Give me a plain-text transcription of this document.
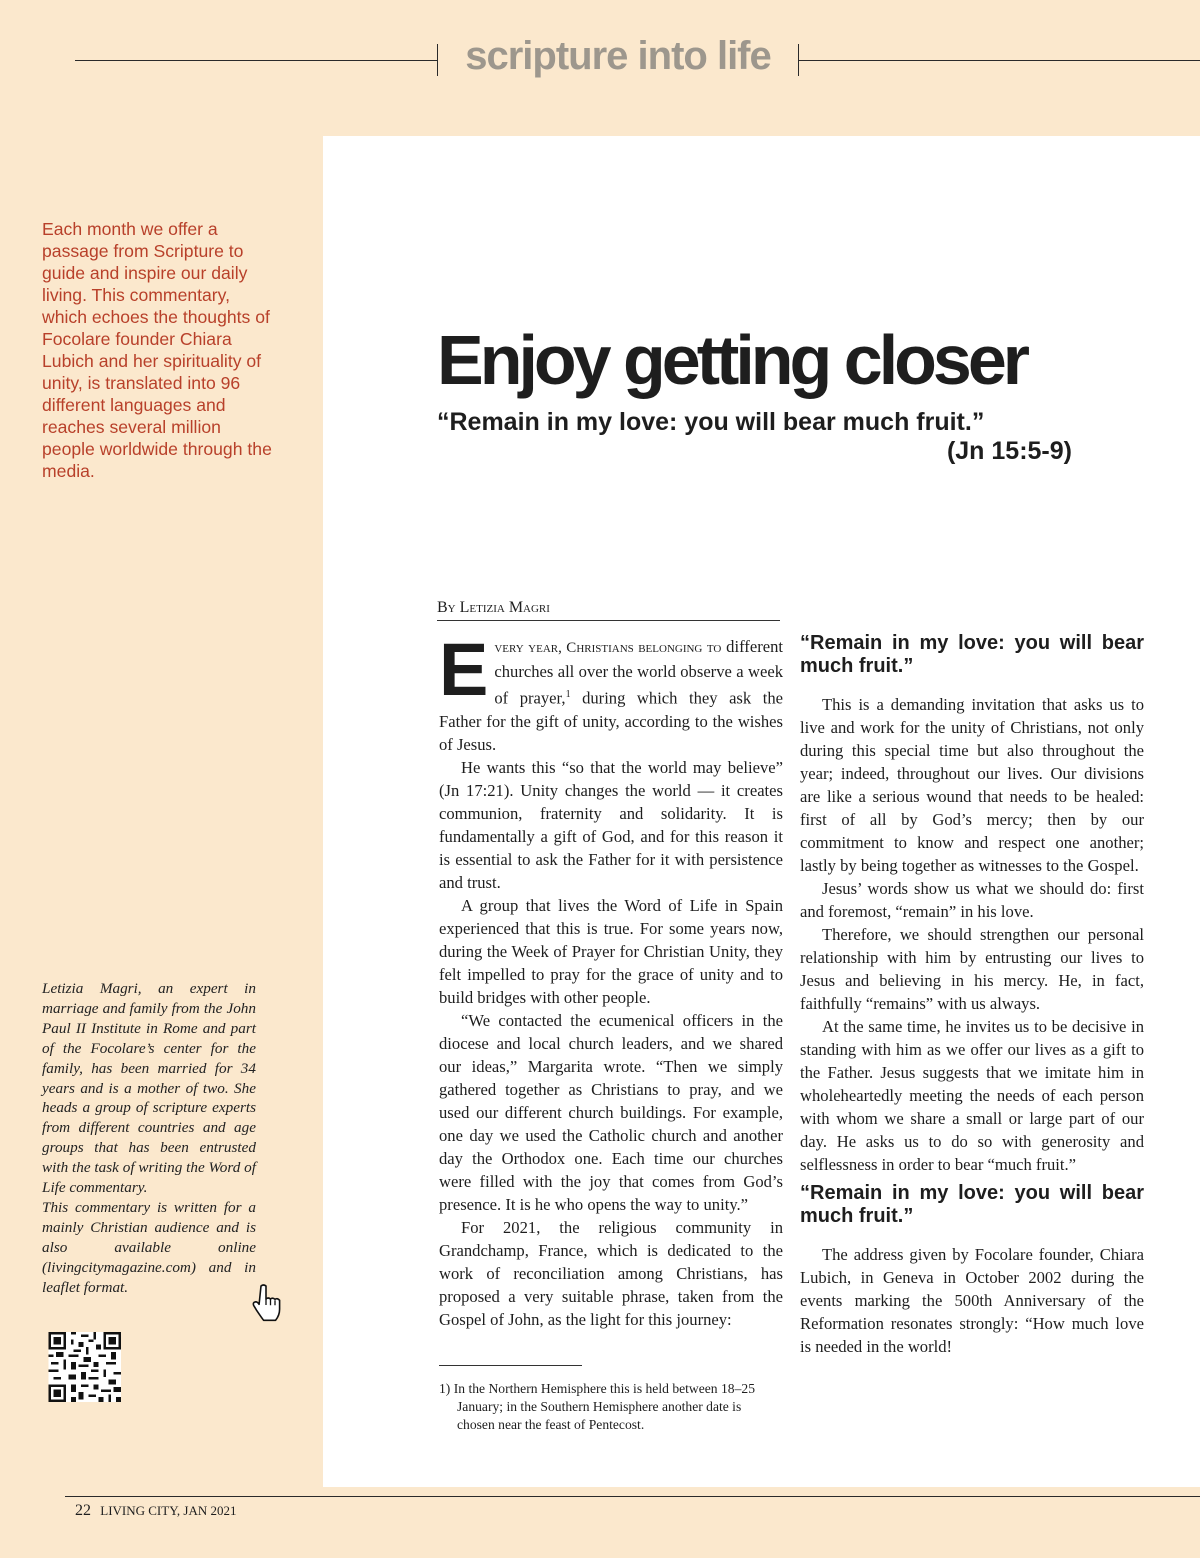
scripture into life
Each month we offer a passage from Scripture to guide and inspire our daily living. This commentary, which echoes the thoughts of Focolare founder Chiara Lubich and her spirituality of unity, is translated into 96 different languages and reaches several million people worldwide through the media.

Letizia Magri, an expert in marriage and family from the John Paul II Institute in Rome and part of the Focolare’s center for the family, has been married for 34 years and is a mother of two. She heads a group of scripture experts from different countries and age groups that has been entrusted with the task of writing the Word of Life commentary.

This commentary is written for a mainly Christian audience and is also available online (livingcitymagazine.com) and in leaflet format.

Enjoy getting closer
“Remain in my love: you will bear much fruit.”
(Jn 15:5-9)
By Letizia Magri

Every year, Christians belonging to different churches all over the world observe a week of prayer,$^1$ during which they ask the Father for the gift of unity, according to the wishes of Jesus.

He wants this “so that the world may believe” (Jn 17:21). Unity changes the world — it creates communion, fraternity and solidarity. It is fundamentally a gift of God, and for this reason it is essential to ask the Father for it with persistence and trust.

A group that lives the Word of Life in Spain experienced that this is true. For some years now, during the Week of Prayer for Christian Unity, they felt impelled to pray for the grace of unity and to build bridges with other people.

“We contacted the ecumenical officers in the diocese and local church leaders, and we shared our ideas,” Margarita wrote. “Then we simply gathered together as Christians to pray, and we used our different church buildings. For example, one day we used the Catholic church and another day the Orthodox one. Each time our churches were filled with the joy that comes from God’s presence. It is he who opens the way to unity.”

For 2021, the religious community in Grandchamp, France, which is dedicated to the work of reconciliation among Christians, has proposed a very suitable phrase, taken from the Gospel of John, as the light for this journey:

1) In the Northern Hemisphere this is held between 18–25 January; in the Southern Hemisphere another date is chosen near the feast of Pentecost.
“Remain in my love: you will bear much fruit.”

This is a demanding invitation that asks us to live and work for the unity of Christians, not only during this special time but also throughout the year; indeed, throughout our lives. Our divisions are like a serious wound that needs to be healed: first of all by God’s mercy; then by our commitment to know and respect one another; lastly by being together as witnesses to the Gospel.

Jesus’ words show us what we should do: first and foremost, “remain” in his love.

Therefore, we should strengthen our personal relationship with him by entrusting our lives to Jesus and believing in his mercy. He, in fact, faithfully “remains” with us always.

At the same time, he invites us to be decisive in standing with him as we offer our lives as a gift to the Father. Jesus suggests that we imitate him in wholeheartedly meeting the needs of each person with whom we share a small or large part of our day. He asks us to do so with generosity and selflessness in order to bear “much fruit.”

“Remain in my love: you will bear much fruit.”

The address given by Focolare founder, Chiara Lubich, in Geneva in October 2002 during the events marking the 500th Anniversary of the Reformation resonates strongly: “How much love is needed in the world!

22 LIVING CITY, JAN 2021
